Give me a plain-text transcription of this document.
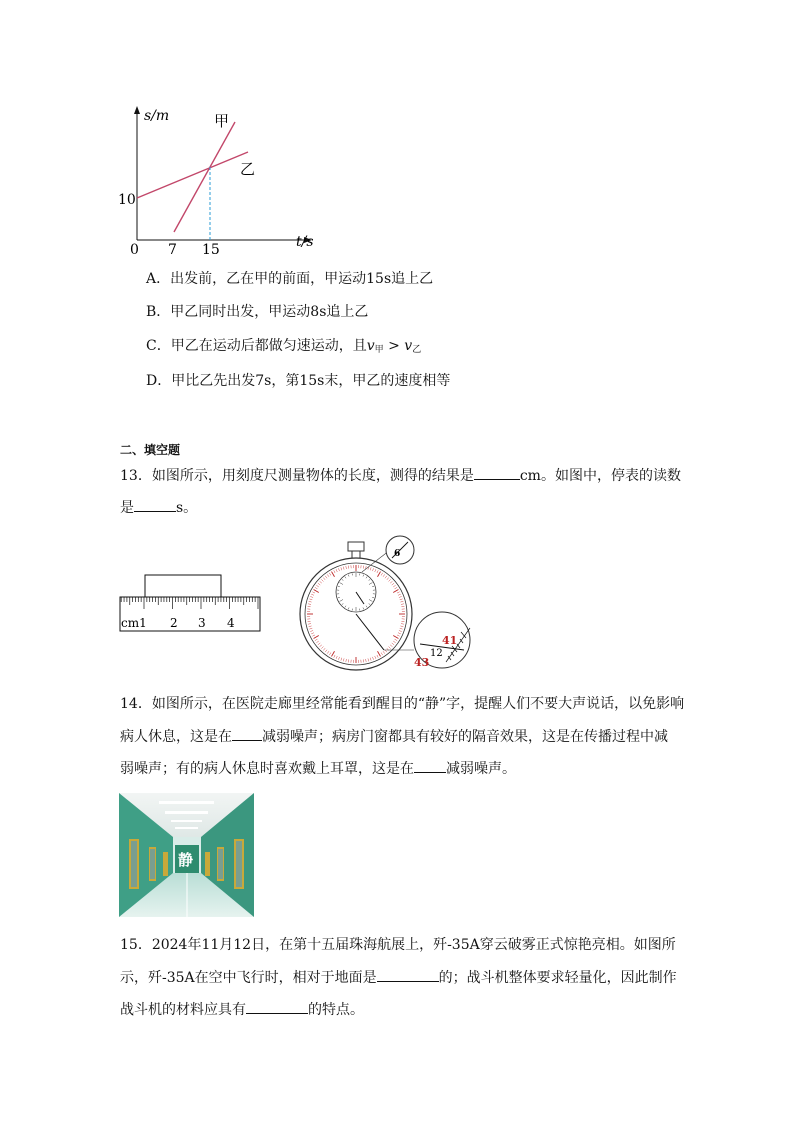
s/m
t/s
10
0 7 15
甲
乙
A．出发前，乙在甲的前面，甲运动15s追上乙
B．甲乙同时出发，甲运动8s追上乙
C．甲乙在运动后都做匀速运动，且$v_甲 > v_乙$
D．甲比乙先出发7s，第15s末，甲乙的速度相等
二、填空题
13．如图所示，用刻度尺测量物体的长度，测得的结果是	cm。如图中，停表的读数
是	s。
cm1 2 3 4
6
41
12
43
14．如图所示，在医院走廊里经常能看到醒目的“静”字，提醒人们不要大声说话，以免影响
病人休息，这是在 减弱噪声；病房门窗都具有较好的隔音效果，这是在传播过程中减
弱噪声；有的病人休息时喜欢戴上耳罩，这是在 减弱噪声。
静
15．2024年11月12日，在第十五届珠海航展上，歼-35A穿云破雾正式惊艳亮相。如图所
示，歼-35A在空中飞行时，相对于地面是	的；战斗机整体要求轻量化，因此制作
战斗机的材料应具有	的特点。
